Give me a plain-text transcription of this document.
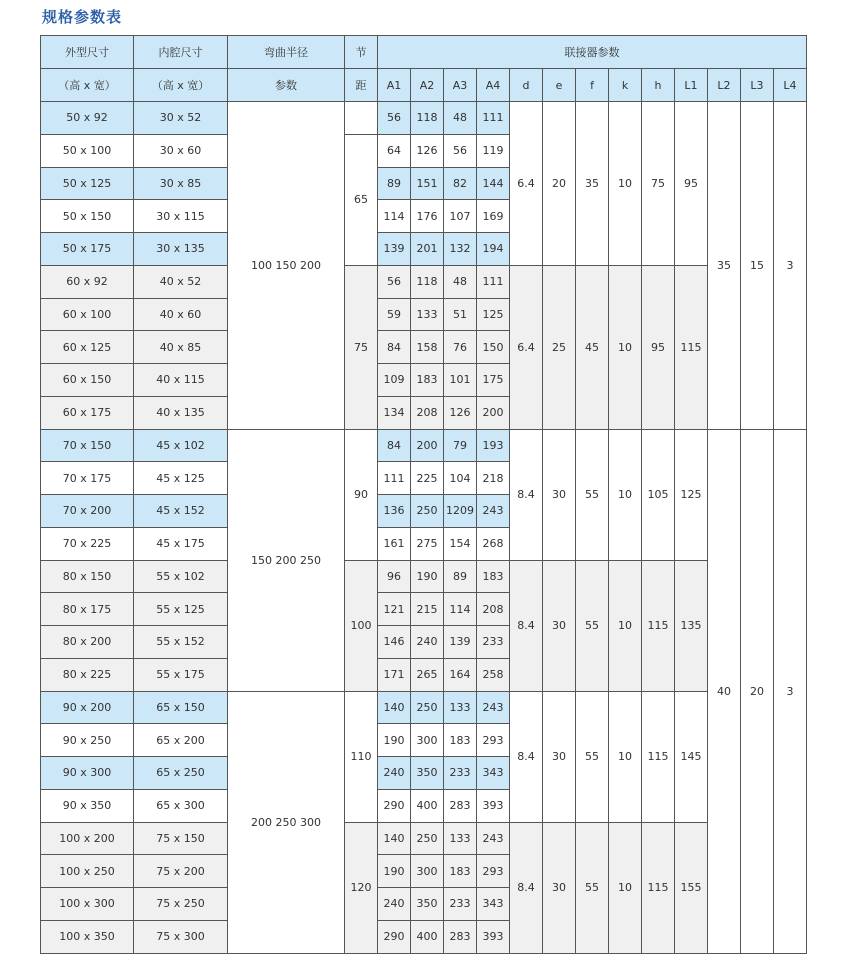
规格参数表
外型尺寸	内腔尺寸	弯曲半径	节	联接器参数												
（高 x 宽）	（高 x 宽）	参数	距	A1	A2	A3	A4	d	e	f	k	h	L1	L2	L3	L4
50 x 92	30 x 52	100 150 200		56	118	48	111	6.4	20	35	10	75	95	35	15	3
50 x 100	30 x 60		65	64	126	56	119									
50 x 125	30 x 85			89	151	82	144									
50 x 150	30 x 115			114	176	107	169									
50 x 175	30 x 135			139	201	132	194									
60 x 92	40 x 52		75	56	118	48	111	6.4	25	45	10	95	115			
60 x 100	40 x 60			59	133	51	125									
60 x 125	40 x 85			84	158	76	150									
60 x 150	40 x 115			109	183	101	175									
60 x 175	40 x 135			134	208	126	200									
70 x 150	45 x 102	150 200 250	90	84	200	79	193	8.4	30	55	10	105	125	40	20	3
70 x 175	45 x 125			111	225	104	218									
70 x 200	45 x 152			136	250	1209	243									
70 x 225	45 x 175			161	275	154	268									
80 x 150	55 x 102		100	96	190	89	183	8.4	30	55	10	115	135			
80 x 175	55 x 125			121	215	114	208									
80 x 200	55 x 152			146	240	139	233									
80 x 225	55 x 175			171	265	164	258									
90 x 200	65 x 150	200 250 300	110	140	250	133	243	8.4	30	55	10	115	145			
90 x 250	65 x 200			190	300	183	293									
90 x 300	65 x 250			240	350	233	343									
90 x 350	65 x 300			290	400	283	393									
100 x 200	75 x 150		120	140	250	133	243	8.4	30	55	10	115	155			
100 x 250	75 x 200			190	300	183	293									
100 x 300	75 x 250			240	350	233	343									
100 x 350	75 x 300			290	400	283	393									
